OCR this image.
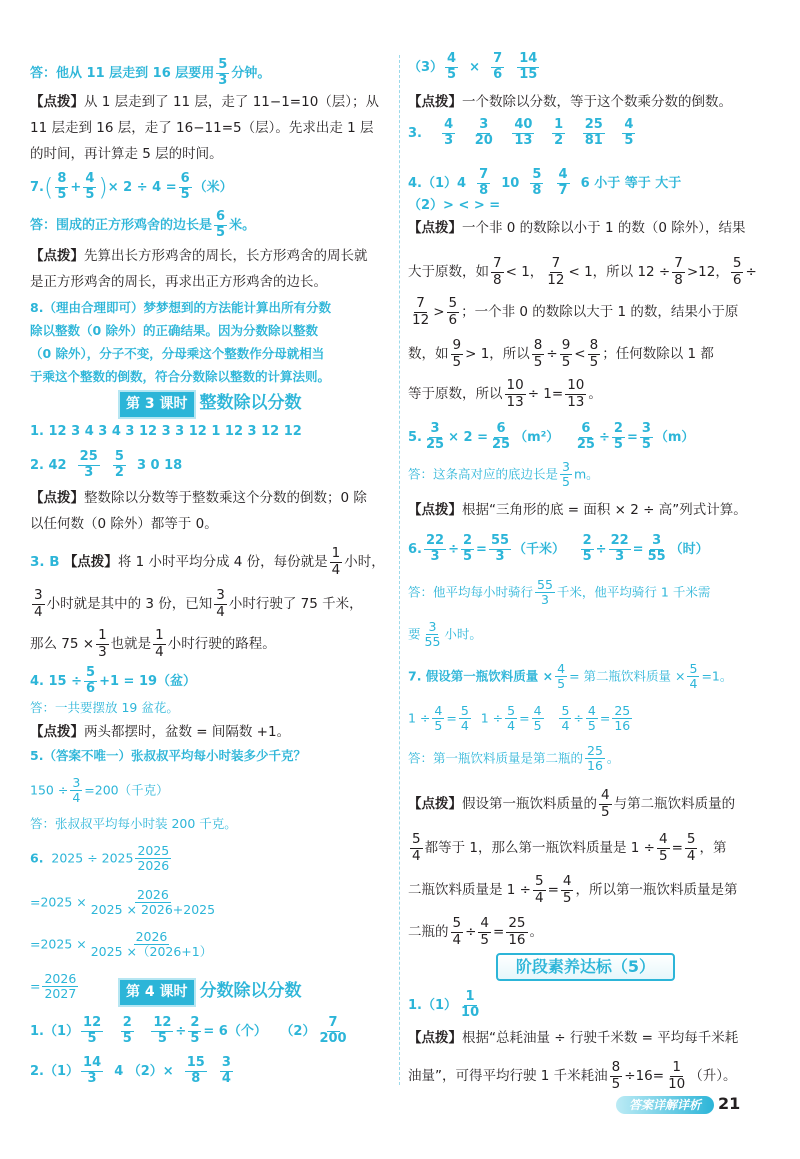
答：他从 11 层走到 16 层要用 $\frac{5}{3}$ 分钟。
【点拨】从 1 层走到了 11 层，走了 11−1=10（层）；从
11 层走到 16 层，走了 16−11=5（层）。先求出走 1 层
的时间，再计算走 5 层的时间。
$7.( \frac{8}{5} + \frac{4}{5}$ )× $2 \div 4 = \frac{6}{5}$ （米）
答：围成的正方形鸡舍的边长是 $\frac{6}{5}$ 米。
【点拨】先算出长方形鸡舍的周长，长方形鸡舍的周长就
是正方形鸡舍的周长，再求出正方形鸡舍的边长。
8.（理由合理即可）梦梦想到的方法能计算出所有分数
除以整数（0 除外）的正确结果。因为分数除以整数
（0 除外），分子不变，分母乘这个整数作分母就相当
于乘这个整数的倒数，符合分数除以整数的计算法则。
第 3 课时 整数除以分数
1. 12 3 4 3 4 3 12 3 3 12 1 12 3 12 12
2. $42 \frac{25}{3}$
$\frac{5}{2} 3$ 0 18
【点拨】整数除以分数等于整数乘这个分数的倒数；0 除
以任何数（0 除外）都等于 0。
3. B 【点拨】将 1 小时平均分成 4 份，每份就是 $\frac{1}{4}$ 小时，
$\frac{3}{4}$ 小时就是其中的 3 份，已知 $\frac{3}{4}$ 小时行驶了 75 千米，
那么 $75 \times \frac{1}{3}$ 也就是 $\frac{1}{4}$ 小时行驶的路程。
4. $15 \div \frac{5}{6} +1 = 19$（盆）
答：一共要摆放 19 盆花。
【点拨】两头都摆时，盆数 = 间隔数 +1。
5.（答案不唯一）张叔叔平均每小时装多少千克？
$150 \div \frac{3}{4} =200$（千克）
答：张叔叔平均每小时装 200 千克。
6. $2025 \div 2025 \frac{2025}{2026}$
$=2025 \times \frac{2026}{2025 \times 2026+2025}$
$=2025 \times \frac{2026}{2025 \times(2026+1)}$
= $\frac{2026}{2027}$	第 4 课时 分数除以分数
$1.(1) \frac{12}{5}$
$\frac{2}{5}$
$\frac{12}{5} \div \frac{2}{5} = 6$（个） $(2) \frac{7}{200}$
$2.(1) \frac{14}{3} 4$ $(2)\times \frac{15}{8}$
$\frac{3}{4}$
$(3) \frac{4}{5} \times \frac{7}{6}$
$\frac{14}{15}$
【点拨】一个数除以分数，等于这个数乘分数的倒数。
3. $\frac{4}{3}$
$\frac{3}{20}$
$\frac{40}{13}$
$\frac{1}{2}$
$\frac{25}{81}$
$\frac{4}{5}$
$4.(1)4 \frac{7}{8} 10 \frac{5}{8}$
$\frac{4}{7} 6$ 小于 等于 大于
（2）> < > =
【点拨】一个非 0 的数除以小于 1 的数（0 除外），结果
大于原数，如 $\frac{7}{8} < 1$， $\frac{7}{12} < 1$，所以 $12 \div \frac{7}{8} >12$， $\frac{5}{6}$ ÷
$\frac{7}{12} > \frac{5}{6}$ ；一个非 0 的数除以大于 1 的数，结果小于原
数，如 $\frac{9}{5} > 1$，所以 $\frac{8}{5} \div \frac{9}{5} < \frac{8}{5}$ ；任何数除以 1 都
等于原数，所以 $\frac{10}{13} \div 1= \frac{10}{13}$ 。
5. $\frac{3}{25} \times 2 = \frac{6}{25} (m^2) \frac{6}{25} \div \frac{2}{5} = \frac{3}{5} (m)$
答：这条高对应的底边长是 $\frac{3}{5}$ m。
【点拨】根据“三角形的底 = 面积 × 2 ÷ 高”列式计算。
6. $\frac{22}{3} \div \frac{2}{5} = \frac{55}{3}$ （千米） $\frac{2}{5} \div \frac{22}{3} = \frac{3}{55}$ （时）
答：他平均每小时骑行 $\frac{55}{3}$ 千米，他平均骑行 1 千米需
要 $\frac{3}{55}$ 小时。
7. 假设第一瓶饮料质量 × $\frac{4}{5}$ = 第二瓶饮料质量 × $\frac{5}{4} =1$。
$1 \div \frac{4}{5} = \frac{5}{4} 1 \div \frac{5}{4} = \frac{4}{5}$
$\frac{5}{4} \div \frac{4}{5} = \frac{25}{16}$
答：第一瓶饮料质量是第二瓶的 $\frac{25}{16}$ 。
【点拨】假设第一瓶饮料质量的 $\frac{4}{5}$ 与第二瓶饮料质量的
$\frac{5}{4}$ 都等于 1，那么第一瓶饮料质量是 $1 \div \frac{4}{5} = \frac{5}{4}$ ，第
二瓶饮料质量是 $1 \div \frac{5}{4} = \frac{4}{5}$ ，所以第一瓶饮料质量是第
二瓶的 $\frac{5}{4} \div \frac{4}{5} = \frac{25}{16}$ 。
阶段素养达标（5）
$1.(1) \frac{1}{10}$
【点拨】根据“总耗油量 ÷ 行驶千米数 = 平均每千米耗
油量”，可得平均行驶 1 千米耗油 $\frac{8}{5} \div 16= \frac{1}{10}$ （升）。
答案详解详析	21
